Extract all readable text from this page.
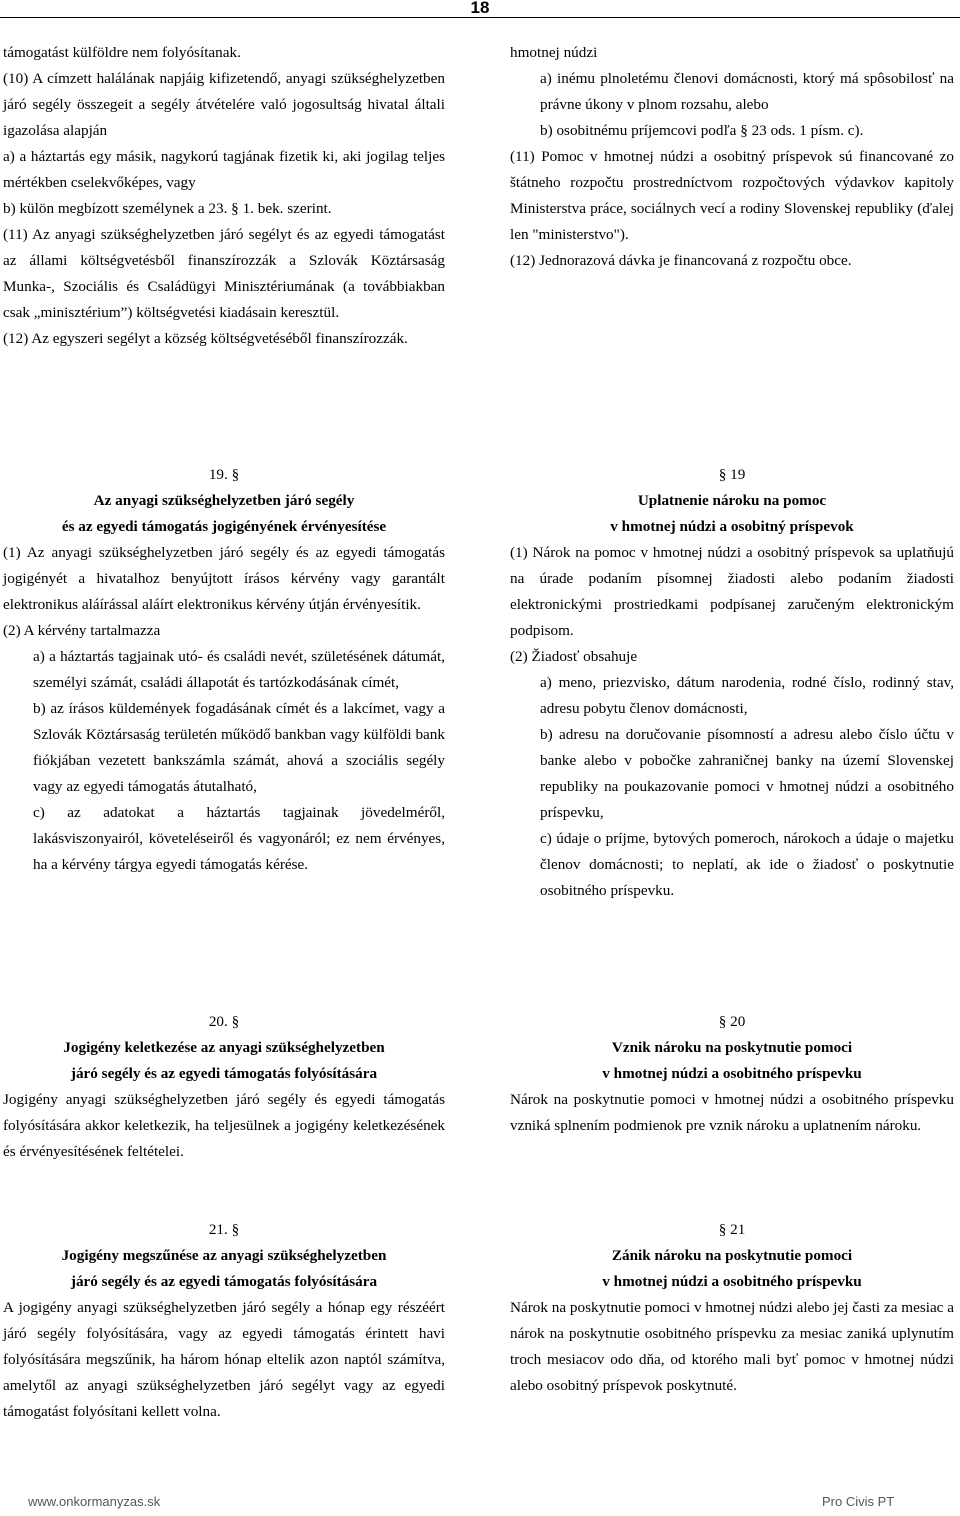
18

támogatást külföldre nem folyósítanak.

(10) A címzett halálának napjáig kifizetendő, anyagi szükséghelyzetben járó segély összegeit a segély átvételére való jogosultság hivatal általi igazolása alapján

a) a háztartás egy másik, nagykorú tagjának fizetik ki, aki jogilag teljes mértékben cselekvőképes, vagy

b) külön megbízott személynek a 23. § 1. bek. szerint.

(11) Az anyagi szükséghelyzetben járó segélyt és az egyedi támogatást az állami költségvetésből finanszírozzák a Szlovák Köztársaság Munka-, Szociális és Családügyi Minisztériumának (a továbbiakban csak „minisztérium”) költségvetési kiadásain keresztül.

(12) Az egyszeri segélyt a község költségvetéséből finanszírozzák.

19. §

Az anyagi szükséghelyzetben járó segély

és az egyedi támogatás jogigényének érvényesítése

(1) Az anyagi szükséghelyzetben járó segély és az egyedi támogatás jogigényét a hivatalhoz benyújtott írásos kérvény vagy garantált elektronikus aláírással aláírt elektronikus kérvény útján érvényesítik.

(2) A kérvény tartalmazza

a) a háztartás tagjainak utó- és családi nevét, születésének dátumát, személyi számát, családi állapotát és tartózkodásának címét,

b) az írásos küldemények fogadásának címét és a lakcímet, vagy a Szlovák Köztársaság területén működő bankban vagy külföldi bank fiókjában vezetett bankszámla számát, ahová a szociális segély vagy az egyedi támogatás átutalható,

c) az adatokat a háztartás tagjainak jövedelméről, lakásviszonyairól, követeléseiről és vagyonáról; ez nem érvényes, ha a kérvény tárgya egyedi támogatás kérése.

20. §

Jogigény keletkezése az anyagi szükséghelyzetben

járó segély és az egyedi támogatás folyósítására

Jogigény anyagi szükséghelyzetben járó segély és egyedi támogatás folyósítására akkor keletkezik, ha teljesülnek a jogigény keletkezésének és érvényesítésének feltételei.

21. §

Jogigény megszűnése az anyagi szükséghelyzetben

járó segély és az egyedi támogatás folyósítására

A jogigény anyagi szükséghelyzetben járó segély a hónap egy részéért járó segély folyósítására, vagy az egyedi támogatás érintett havi folyósítására megszűnik, ha három hónap eltelik azon naptól számítva, amelytől az anyagi szükséghelyzetben járó segélyt vagy az egyedi támogatást folyósítani kellett volna.

hmotnej núdzi

a) inému plnoletému členovi domácnosti, ktorý má spôsobilosť na právne úkony v plnom rozsahu, alebo

b) osobitnému príjemcovi podľa § 23 ods. 1 písm. c).

(11) Pomoc v hmotnej núdzi a osobitný príspevok sú financované zo štátneho rozpočtu prostredníctvom rozpočtových výdavkov kapitoly Ministerstva práce, sociálnych vecí a rodiny Slovenskej republiky (ďalej len "ministerstvo").

(12) Jednorazová dávka je financovaná z rozpočtu obce.

§ 19

Uplatnenie nároku na pomoc

v hmotnej núdzi a osobitný príspevok

(1) Nárok na pomoc v hmotnej núdzi a osobitný príspevok sa uplatňujú na úrade podaním písomnej žiadosti alebo podaním žiadosti elektronickými prostriedkami podpísanej zaručeným elektronickým podpisom.

(2) Žiadosť obsahuje

a) meno, priezvisko, dátum narodenia, rodné číslo, rodinný stav, adresu pobytu členov domácnosti,

b) adresu na doručovanie písomností a adresu alebo číslo účtu v banke alebo v pobočke zahraničnej banky na území Slovenskej republiky na poukazovanie pomoci v hmotnej núdzi a osobitného príspevku,

c) údaje o príjme, bytových pomeroch, nárokoch a údaje o majetku členov domácnosti; to neplatí, ak ide o žiadosť o poskytnutie osobitného príspevku.

§ 20

Vznik nároku na poskytnutie pomoci

v hmotnej núdzi a osobitného príspevku

Nárok na poskytnutie pomoci v hmotnej núdzi a osobitného príspevku vzniká splnením podmienok pre vznik nároku a uplatnením nároku.

§ 21

Zánik nároku na poskytnutie pomoci

v hmotnej núdzi a osobitného príspevku

Nárok na poskytnutie pomoci v hmotnej núdzi alebo jej časti za mesiac a nárok na poskytnutie osobitného príspevku za mesiac zaniká uplynutím troch mesiacov odo dňa, od ktorého mali byť pomoc v hmotnej núdzi alebo osobitný príspevok poskytnuté.

www.onkormanyzas.sk	Pro Civis PT
